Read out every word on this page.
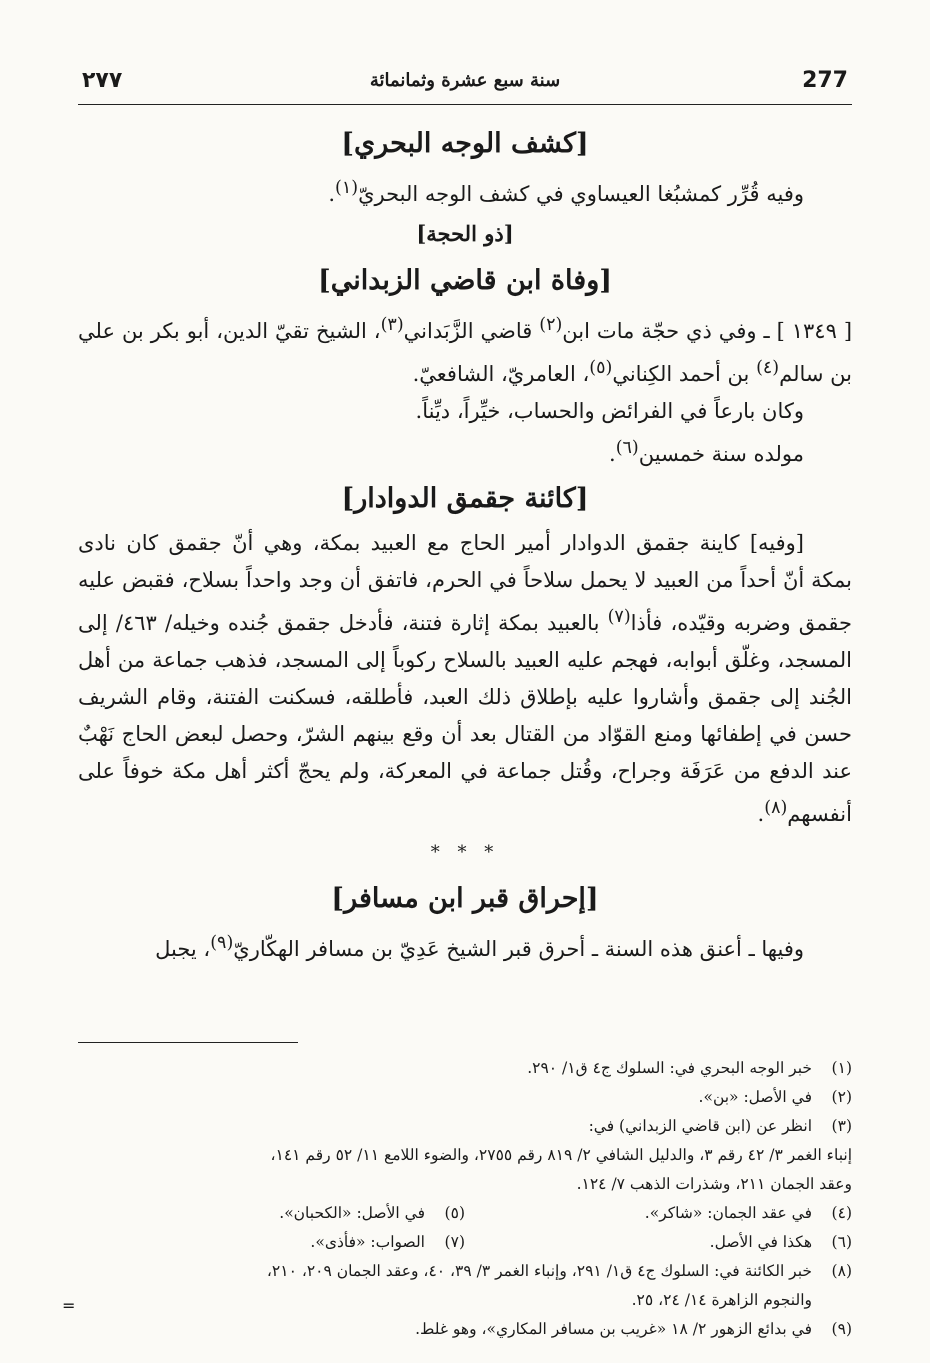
٢٧٧	سنة سبع عشرة وثمانمائة	277

[كشف الوجه البحري]

وفيه قُرِّر كمشبُغا العيساوي في كشف الوجه البحريّ$^{(١)}$.

[ذو الحجة]

[وفاة ابن قاضي الزبداني]

[ ١٣٤٩ ] ـ وفي ذي حجّة مات ابن$^{(٢)}$ قاضي الزَّبَداني$^{(٣)}$، الشيخ تقيّ الدين، أبو بكر بن علي بن سالم$^{(٤)}$ بن أحمد الكِناني$^{(٥)}$، العامريّ، الشافعيّ.

وكان بارعاً في الفرائض والحساب، خيِّراً، ديِّناً.

مولده سنة خمسين$^{(٦)}$.

[كائنة جقمق الدوادار]

[وفيه] كاينة جقمق الدوادار أمير الحاج مع العبيد بمكة، وهي أنّ جقمق كان نادى بمكة أنّ أحداً من العبيد لا يحمل سلاحاً في الحرم، فاتفق أن وجد واحداً بسلاح، فقبض عليه جقمق وضربه وقيّده، فأذا$^{(٧)}$ بالعبيد بمكة إثارة فتنة، فأدخل جقمق جُنده وخيله/ ٤٦٣/ إلى المسجد، وغلّق أبوابه، فهجم عليه العبيد بالسلاح ركوباً إلى المسجد، فذهب جماعة من أهل الجُند إلى جقمق وأشاروا عليه بإطلاق ذلك العبد، فأطلقه، فسكنت الفتنة، وقام الشريف حسن في إطفائها ومنع القوّاد من القتال بعد أن وقع بينهم الشرّ، وحصل لبعض الحاج نَهْبٌ عند الدفع من عَرَفَة وجراح، وقُتل جماعة في المعركة، ولم يحجّ أكثر أهل مكة خوفاً على أنفسهم$^{(٨)}$.

* * *

[إحراق قبر ابن مسافر]

وفيها ـ أعنق هذه السنة ـ أحرق قبر الشيخ عَدِيّ بن مسافر الهكّاريّ$^{(٩)}$، يجبل

(١)
خبر الوجه البحري في: السلوك ج٤ ق١/ ٢٩٠.
(٢)
في الأصل: «بن».
(٣)
انظر عن (ابن قاضي الزبداني) في:
إنباء الغمر ٣/ ٤٢ رقم ٣، والدليل الشافي ٢/ ٨١٩ رقم ٢٧٥٥، والضوء اللامع ١١/ ٥٢ رقم ١٤١،
وعقد الجمان ٢١١، وشذرات الذهب ٧/ ١٢٤.
(٤)
في عقد الجمان: «شاكر».
(٥)
في الأصل: «الكحبان».
(٦)
هكذا في الأصل.
(٧)
الصواب: «فأذى».
(٨)
خبر الكائنة في: السلوك ج٤ ق١/ ٢٩١، وإنباء الغمر ٣/ ٣٩، ٤٠، وعقد الجمان ٢٠٩، ٢١٠،
والنجوم الزاهرة ١٤/ ٢٤، ٢٥.
(٩)
في بدائع الزهور ٢/ ١٨ «غريب بن مسافر المكاري»، وهو غلط.
=
